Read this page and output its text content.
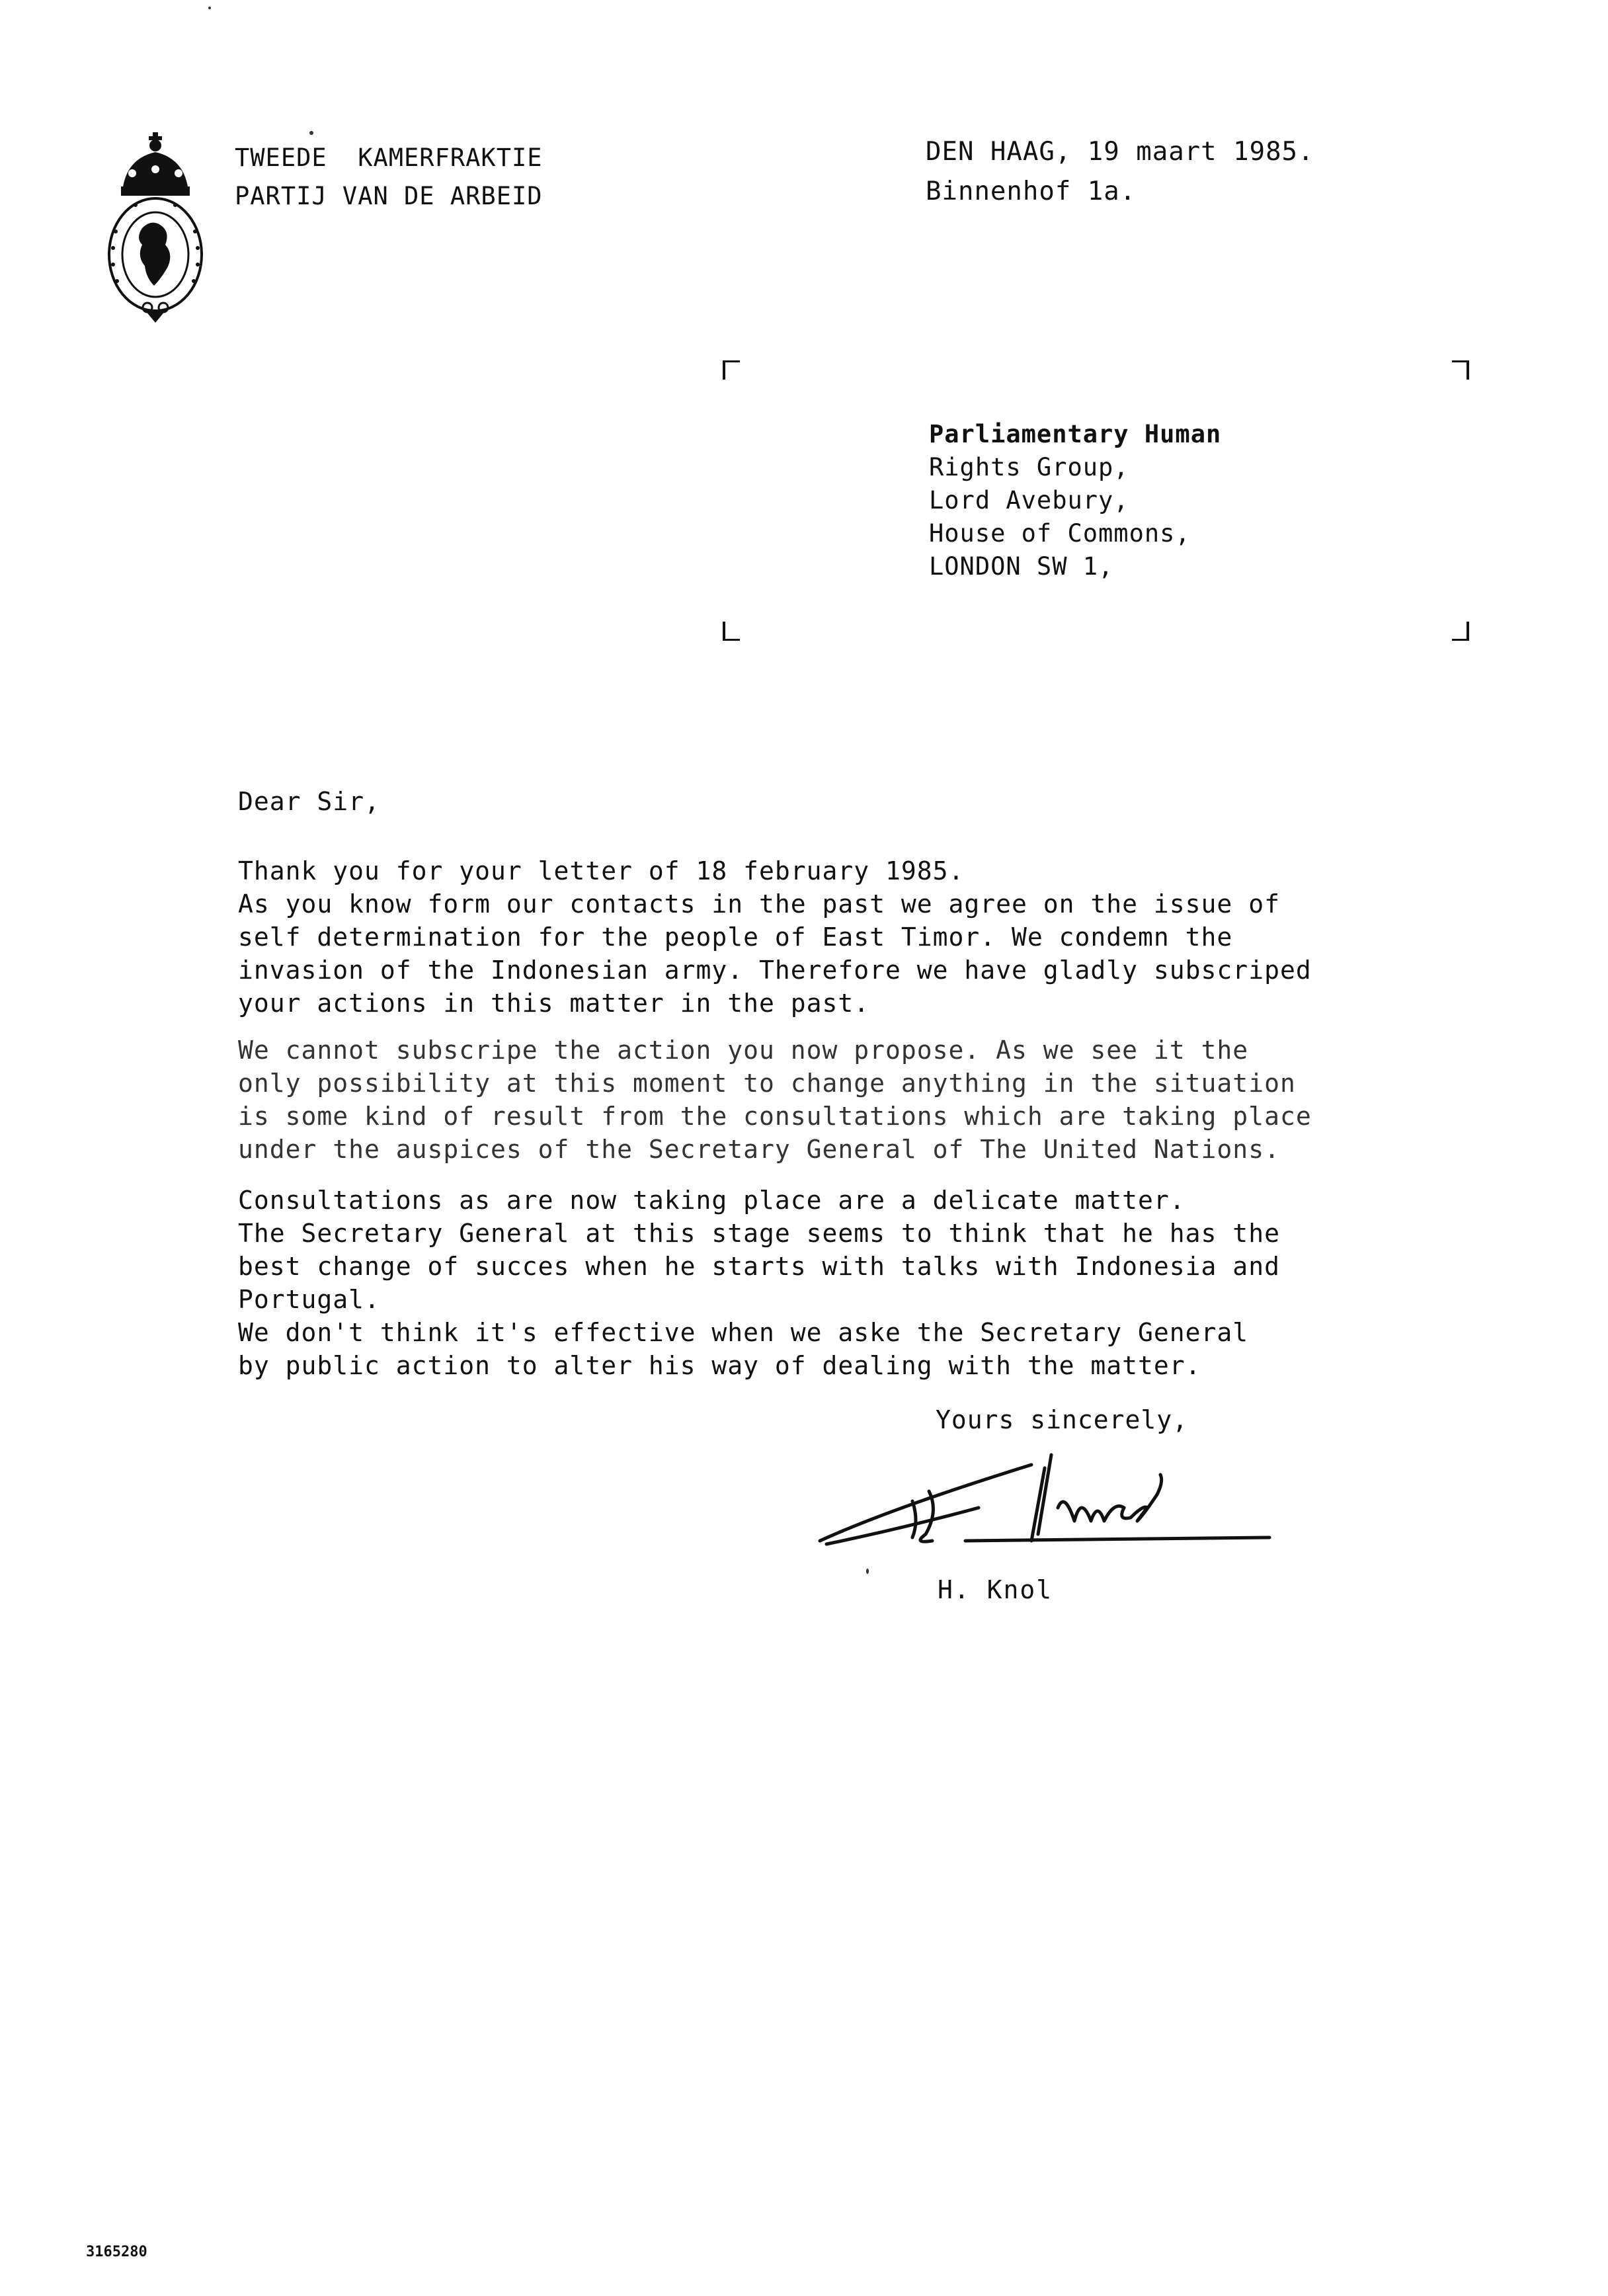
TWEEDE  KAMERFRAKTIE
PARTIJ VAN DE ARBEID
DEN HAAG, 19 maart 1985.
Binnenhof 1a.
Parliamentary Human
Rights Group,
Lord Avebury,
House of Commons,
LONDON SW 1,
Dear Sir,
Thank you for your letter of 18 february 1985.
As you know form our contacts in the past we agree on the issue of
self determination for the people of East Timor. We condemn the
invasion of the Indonesian army. Therefore we have gladly subscriped
your actions in this matter in the past.
We cannot subscripe the action you now propose. As we see it the
only possibility at this moment to change anything in the situation
is some kind of result from the consultations which are taking place
under the auspices of the Secretary General of The United Nations.
Consultations as are now taking place are a delicate matter.
The Secretary General at this stage seems to think that he has the
best change of succes when he starts with talks with Indonesia and
Portugal.
We don't think it's effective when we aske the Secretary General
by public action to alter his way of dealing with the matter.
Yours sincerely,
H. Knol
3165280
